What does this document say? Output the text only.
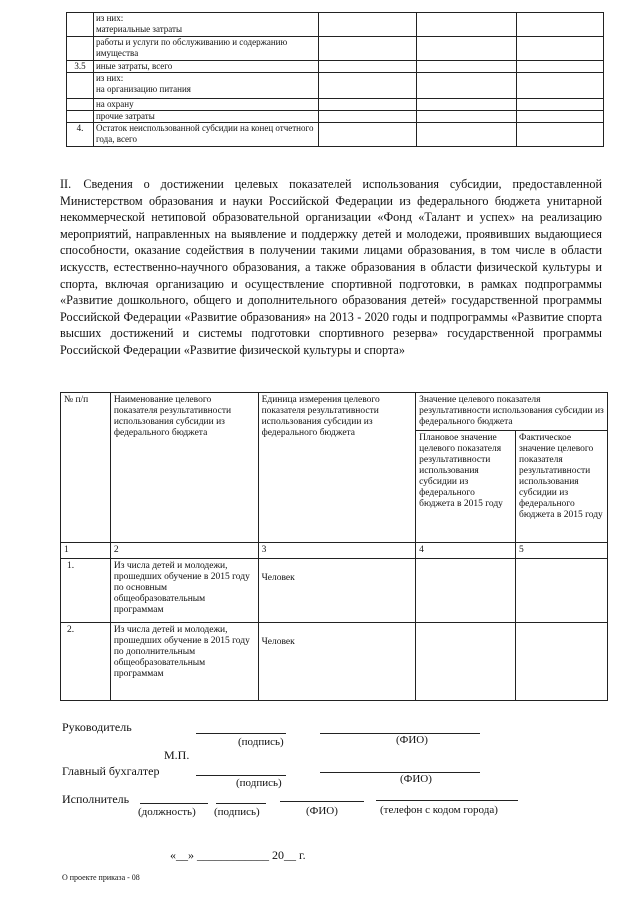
	из них:
материальные затраты			
	работы и услуги по обслуживанию и содержанию имущества			
3.5	иные затраты, всего			
	из них:
на организацию питания			
	на охрану			
	прочие затраты			
4.	Остаток неиспользованной субсидии на конец отчетного года, всего			

II. Сведения о достижении целевых показателей использования субсидии, предоставленной Министерством образования и науки Российской Федерации из федерального бюджета унитарной некоммерческой нетиповой образовательной организации «Фонд «Талант и успех» на реализацию мероприятий, направленных на выявление и поддержку детей и молодежи, проявивших выдающиеся способности, оказание содействия в получении такими лицами образования, в том числе в области искусств, естественно-научного образования, а также образования в области физической культуры и спорта, включая организацию и осуществление спортивной подготовки, в рамках подпрограммы «Развитие дошкольного, общего и дополнительного образования детей» государственной программы Российской Федерации «Развитие образования» на 2013 - 2020 годы и подпрограммы «Развитие спорта высших достижений и системы подготовки спортивного резерва» государственной программы Российской Федерации «Развитие физической культуры и спорта»

№ п/п	Наименование целевого показателя результативности использования субсидии из федерального бюджета	Единица измерения целевого показателя результативности использования субсидии из федерального бюджета	Значение целевого показателя результативности использования субсидии из федерального бюджета	
			Плановое значение целевого показателя результативности использования субсидии из федерального бюджета в 2015 году	Фактическое значение целевого показателя результативности использования субсидии из федерального бюджета в 2015 году
1	2	3	4	5
1.	Из числа детей и молодежи, прошедших обучение в 2015 году по основным общеобразовательным программам	Человек		
2.	Из числа детей и молодежи, прошедших обучение в 2015 году по дополнительным общеобразовательным программам	Человек		
Руководитель
(подпись)	(ФИО)
М.П.
Главный бухгалтер
(подпись)	(ФИО)
Исполнитель
(должность) (подпись)	(ФИО)	(телефон с кодом города)
«__» ____________ 20__ г.
О проекте приказа - 08
